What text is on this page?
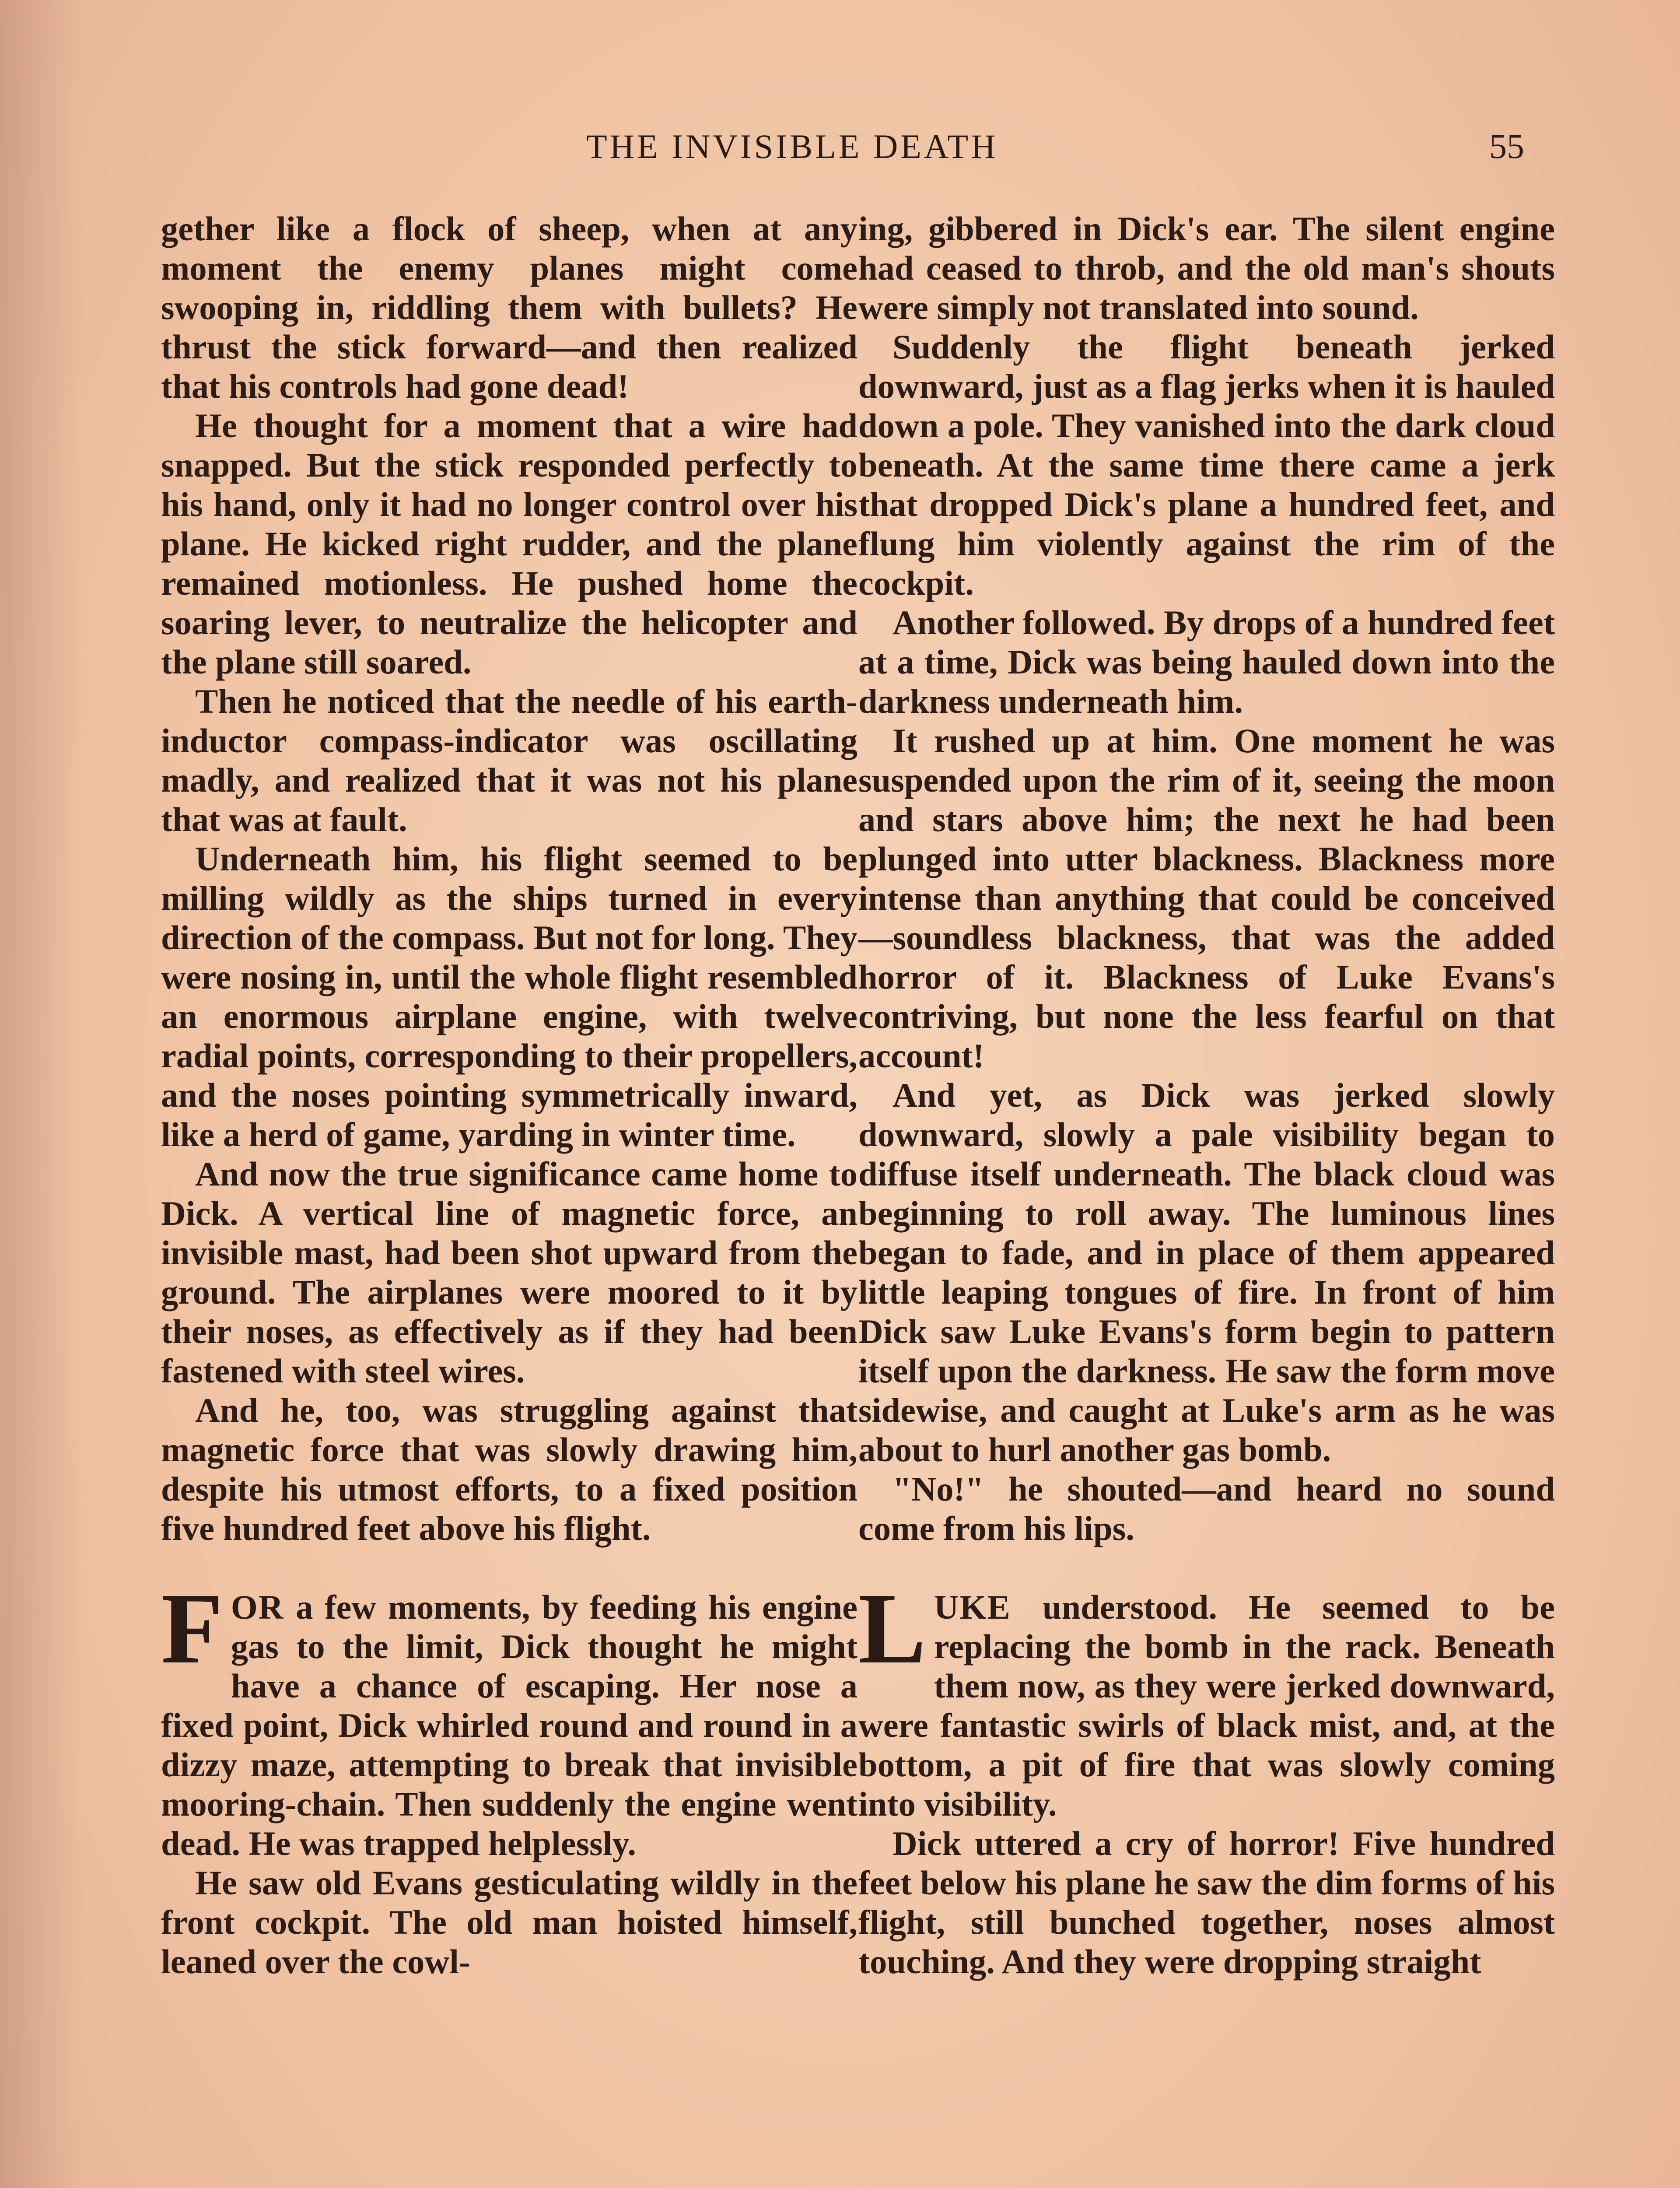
THE INVISIBLE DEATH	55

gether like a flock of sheep, when at any moment the enemy planes might come swooping in, riddling them with bullets? He thrust the stick forward—and then realized that his controls had gone dead!

He thought for a moment that a wire had snapped. But the stick responded perfectly to his hand, only it had no longer control over his plane. He kicked right rudder, and the plane remained motionless. He pushed home the soaring lever, to neutralize the helicopter and the plane still soared.

Then he noticed that the needle of his earth-inductor compass-indicator was oscillating madly, and realized that it was not his plane that was at fault.

Underneath him, his flight seemed to be milling wildly as the ships turned in every direction of the compass. But not for long. They were nosing in, until the whole flight resembled an enormous airplane engine, with twelve radial points, corresponding to their propellers, and the noses pointing symmetrically inward, like a herd of game, yarding in winter time.

And now the true significance came home to Dick. A vertical line of magnetic force, an invisible mast, had been shot upward from the ground. The airplanes were moored to it by their noses, as effectively as if they had been fastened with steel wires.

And he, too, was struggling against that magnetic force that was slowly drawing him, despite his utmost efforts, to a fixed position five hundred feet above his flight.

FOR a few moments, by feeding his engine gas to the limit, Dick thought he might have a chance of escaping. Her nose a fixed point, Dick whirled round and round in a dizzy maze, attempting to break that invisible mooring-chain. Then suddenly the engine went dead. He was trapped helplessly.

He saw old Evans gesticulating wildly in the front cockpit. The old man hoisted himself, leaned over the cowl-

ing, gibbered in Dick's ear. The silent engine had ceased to throb, and the old man's shouts were simply not translated into sound.

Suddenly the flight beneath jerked downward, just as a flag jerks when it is hauled down a pole. They vanished into the dark cloud beneath. At the same time there came a jerk that dropped Dick's plane a hundred feet, and flung him violently against the rim of the cockpit.

Another followed. By drops of a hundred feet at a time, Dick was being hauled down into the darkness underneath him.

It rushed up at him. One moment he was suspended upon the rim of it, seeing the moon and stars above him; the next he had been plunged into utter blackness. Blackness more intense than anything that could be conceived—soundless blackness, that was the added horror of it. Blackness of Luke Evans's contriving, but none the less fearful on that account!

And yet, as Dick was jerked slowly downward, slowly a pale visibility began to diffuse itself underneath. The black cloud was beginning to roll away. The luminous lines began to fade, and in place of them appeared little leaping tongues of fire. In front of him Dick saw Luke Evans's form begin to pattern itself upon the darkness. He saw the form move sidewise, and caught at Luke's arm as he was about to hurl another gas bomb.

"No!" he shouted—and heard no sound come from his lips.

LUKE understood. He seemed to be replacing the bomb in the rack. Beneath them now, as they were jerked downward, were fantastic swirls of black mist, and, at the bottom, a pit of fire that was slowly coming into visibility.

Dick uttered a cry of horror! Five hundred feet below his plane he saw the dim forms of his flight, still bunched together, noses almost touching. And they were dropping straight
